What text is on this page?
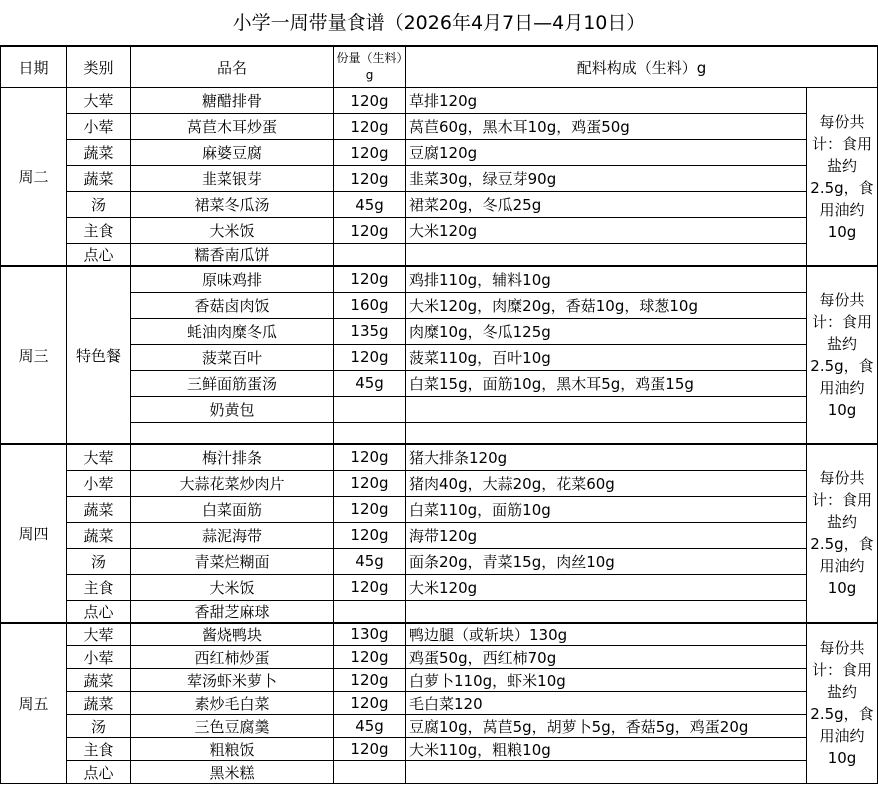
小学一周带量食谱（2026年4月7日—4月10日）
日期	类别	品名	份量（生料）g	配料构成（生料）g	
周二	大荤	糖醋排骨	120g	草排120g	每份共计：食用盐约2.5g，食用油约10g
	小荤	莴苣木耳炒蛋	120g	莴苣60g，黑木耳10g，鸡蛋50g	
	蔬菜	麻婆豆腐	120g	豆腐120g	
	蔬菜	韭菜银芽	120g	韭菜30g，绿豆芽90g	
	汤	裙菜冬瓜汤	45g	裙菜20g，冬瓜25g	
	主食	大米饭	120g	大米120g	
	点心	糯香南瓜饼			
周三	特色餐	原味鸡排	120g	鸡排110g，辅料10g	每份共计：食用盐约2.5g，食用油约10g
		香菇卤肉饭	160g	大米120g，肉糜20g，香菇10g，球葱10g	
		蚝油肉糜冬瓜	135g	肉糜10g，冬瓜125g	
		菠菜百叶	120g	菠菜110g，百叶10g	
		三鲜面筋蛋汤	45g	白菜15g，面筋10g，黑木耳5g，鸡蛋15g	
		奶黄包			

周四	大荤	梅汁排条	120g	猪大排条120g	每份共计：食用盐约2.5g，食用油约10g
	小荤	大蒜花菜炒肉片	120g	猪肉40g，大蒜20g，花菜60g	
	蔬菜	白菜面筋	120g	白菜110g，面筋10g	
	蔬菜	蒜泥海带	120g	海带120g	
	汤	青菜烂糊面	45g	面条20g，青菜15g，肉丝10g	
	主食	大米饭	120g	大米120g	
	点心	香甜芝麻球			
周五	大荤	酱烧鸭块	130g	鸭边腿（或斩块）130g	每份共计：食用盐约2.5g，食用油约10g
	小荤	西红柿炒蛋	120g	鸡蛋50g，西红柿70g	
	蔬菜	荤汤虾米萝卜	120g	白萝卜110g，虾米10g	
	蔬菜	素炒毛白菜	120g	毛白菜120	
	汤	三色豆腐羹	45g	豆腐10g，莴苣5g，胡萝卜5g，香菇5g，鸡蛋20g	
	主食	粗粮饭	120g	大米110g，粗粮10g	
	点心	黑米糕			
